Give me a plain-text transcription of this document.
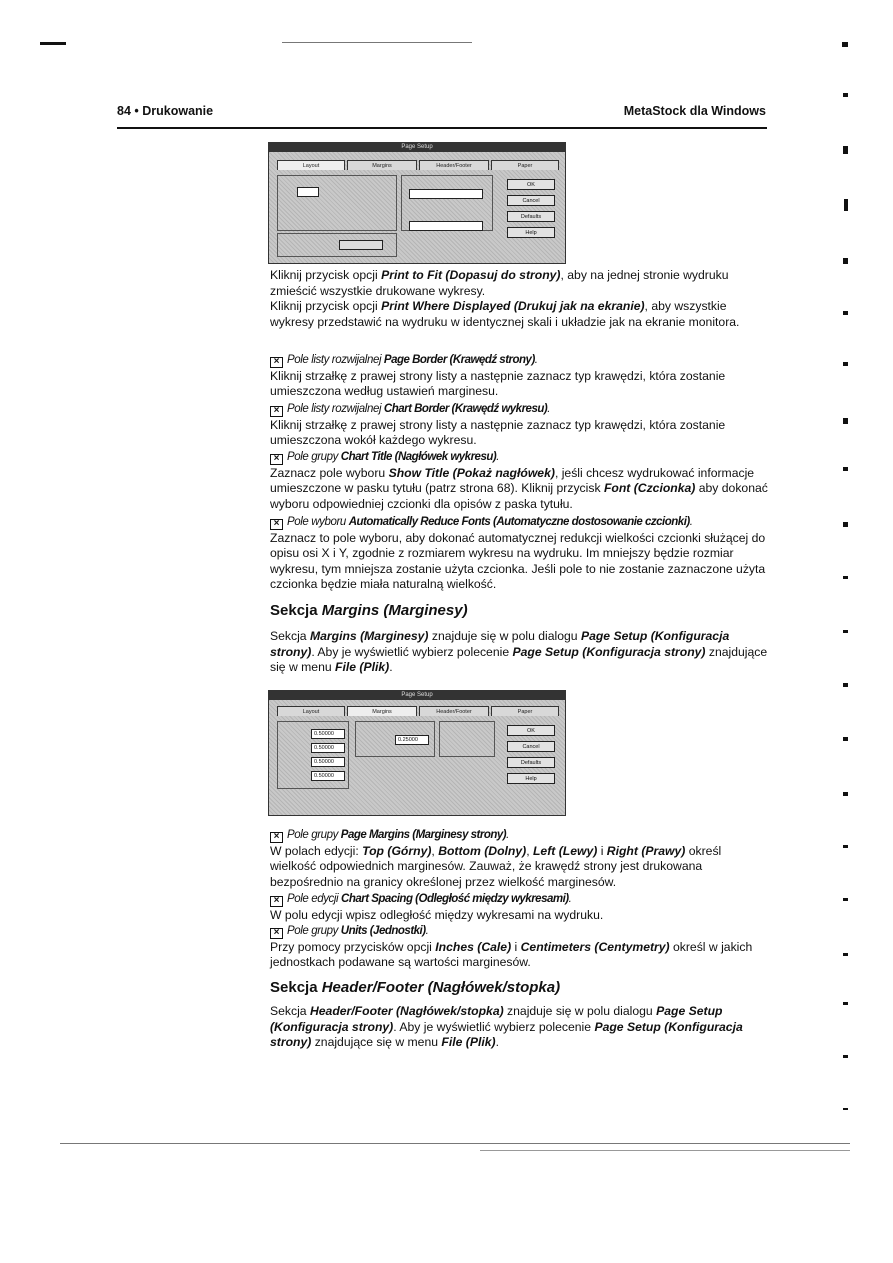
84 • Drukowanie	MetaStock dla Windows
Page Setup
Layout	Margins	Header/Footer	Paper
OK
Cancel
Defaults
Help

Kliknij przycisk opcji Print to Fit (Dopasuj do strony), aby na jednej stronie wydruku zmieścić wszystkie drukowane wykresy.

Kliknij przycisk opcji Print Where Displayed (Drukuj jak na ekranie), aby wszystkie wykresy przedstawić na wydruku w identycznej skali i układzie jak na ekranie monitora.

× Pole listy rozwijalnej Page Border (Krawędź strony).

Kliknij strzałkę z prawej strony listy a następnie zaznacz typ krawędzi, która zostanie umieszczona według ustawień marginesu.

× Pole listy rozwijalnej Chart Border (Krawędź wykresu).

Kliknij strzałkę z prawej strony listy a następnie zaznacz typ krawędzi, która zostanie umieszczona wokół każdego wykresu.

× Pole grupy Chart Title (Nagłówek wykresu).

Zaznacz pole wyboru Show Title (Pokaż nagłówek), jeśli chcesz wydrukować informacje umieszczone w pasku tytułu (patrz strona 68). Kliknij przycisk Font (Czcionka) aby dokonać wyboru odpowiedniej czcionki dla opisów z paska tytułu.

× Pole wyboru Automatically Reduce Fonts (Automatyczne dostosowanie czcionki).

Zaznacz to pole wyboru, aby dokonać automatycznej redukcji wielkości czcionki służącej do opisu osi X i Y, zgodnie z rozmiarem wykresu na wydruku. Im mniejszy będzie rozmiar wykresu, tym mniejsza zostanie użyta czcionka. Jeśli pole to nie zostanie zaznaczone użyta czcionka będzie miała naturalną wielkość.

Sekcja Margins (Marginesy)

Sekcja Margins (Marginesy) znajduje się w polu dialogu Page Setup (Konfiguracja strony). Aby je wyświetlić wybierz polecenie Page Setup (Konfiguracja strony) znajdujące się w menu File (Plik).

Page Setup
Layout	Margins	Header/Footer	Paper
0.50000
0.50000
0.50000
0.50000
0.25000
OK
Cancel
Defaults
Help

× Pole grupy Page Margins (Marginesy strony).

W polach edycji: Top (Górny), Bottom (Dolny), Left (Lewy) i Right (Prawy) określ wielkość odpowiednich marginesów. Zauważ, że krawędź strony jest drukowana bezpośrednio na granicy określonej przez wielkość marginesów.

× Pole edycji Chart Spacing (Odległość między wykresami).

W polu edycji wpisz odległość między wykresami na wydruku.

× Pole grupy Units (Jednostki).

Przy pomocy przycisków opcji Inches (Cale) i Centimeters (Centymetry) określ w jakich jednostkach podawane są wartości marginesów.

Sekcja Header/Footer (Nagłówek/stopka)

Sekcja Header/Footer (Nagłówek/stopka) znajduje się w polu dialogu Page Setup (Konfiguracja strony). Aby je wyświetlić wybierz polecenie Page Setup (Konfiguracja strony) znajdujące się w menu File (Plik).
